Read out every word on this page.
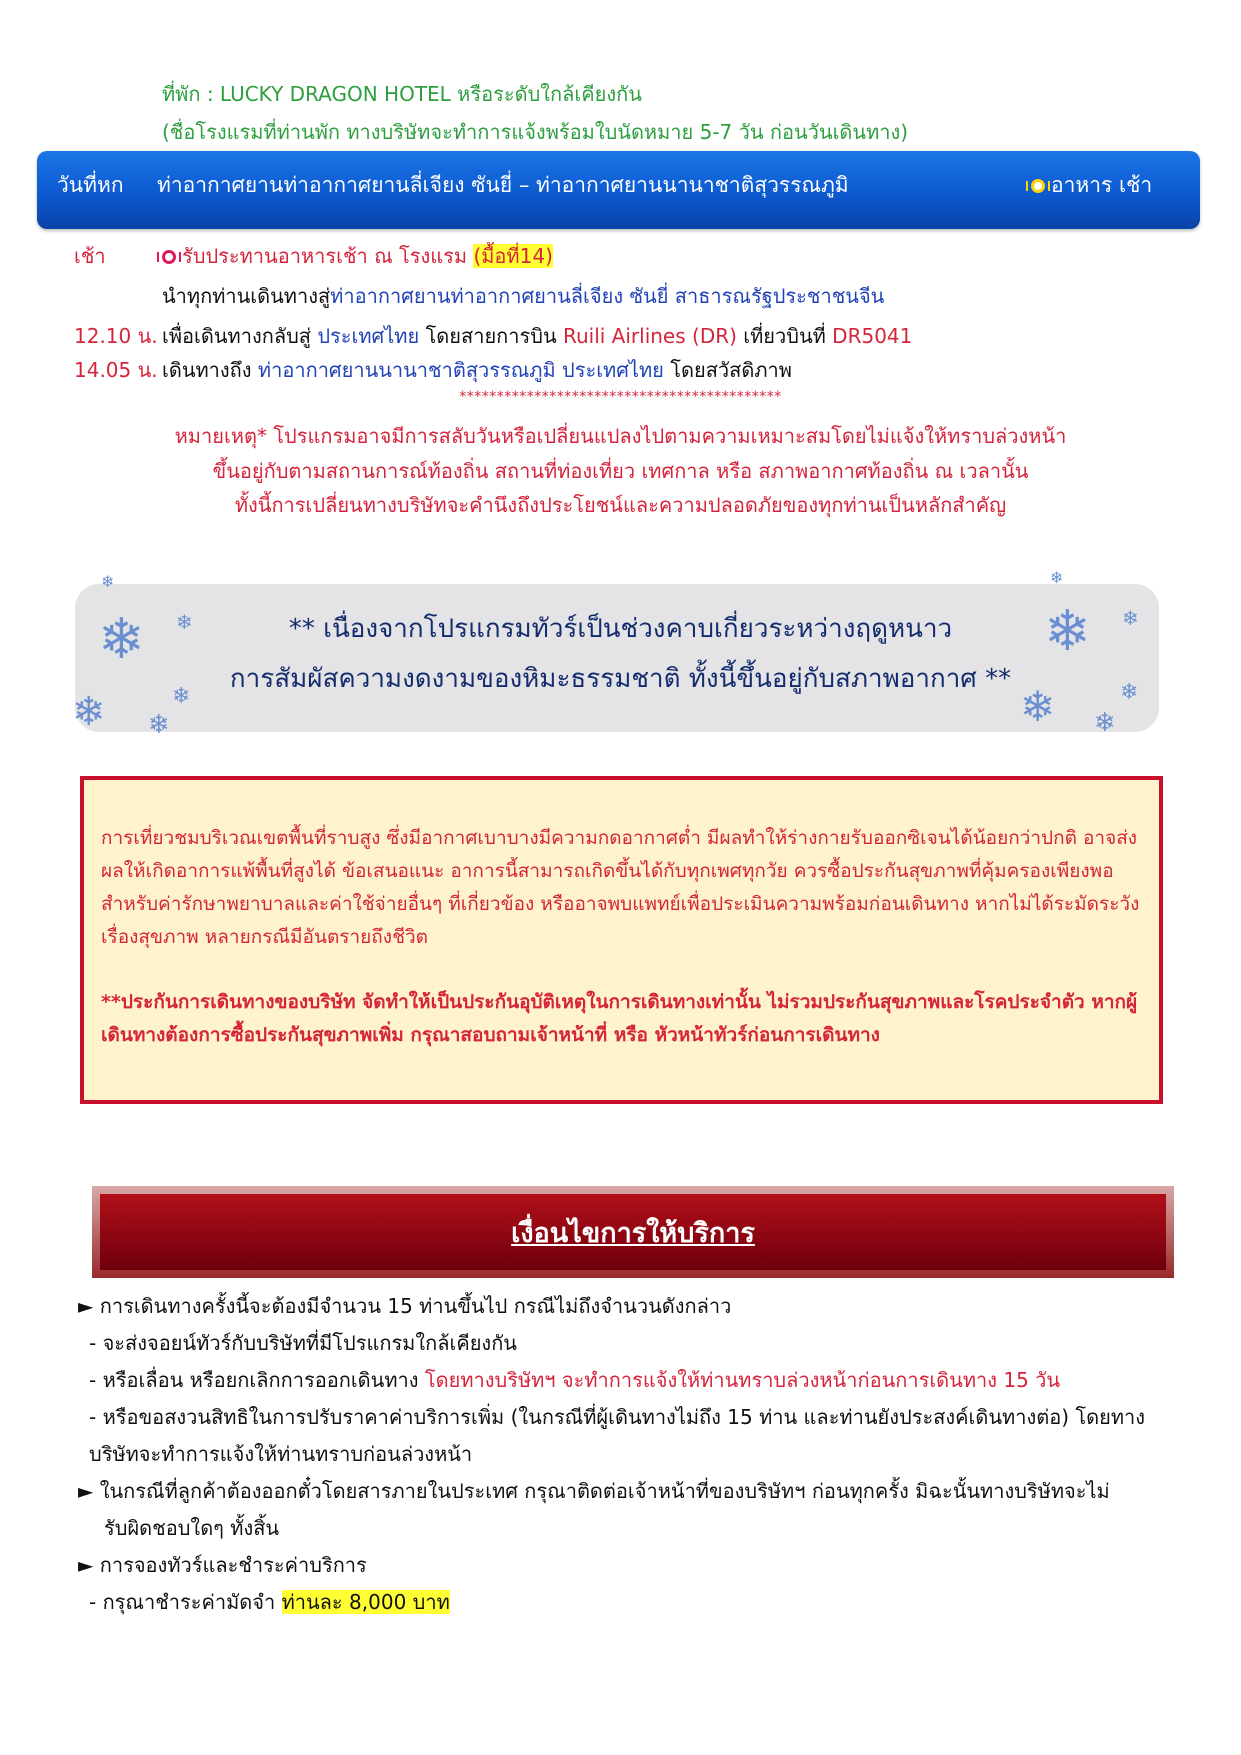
ที่พัก : LUCKY DRAGON HOTEL หรือระดับใกล้เคียงกัน
(ชื่อโรงแรมที่ท่านพัก ทางบริษัทจะทำการแจ้งพร้อมใบนัดหมาย 5-7 วัน ก่อนวันเดินทาง)
วันที่หก ท่าอากาศยานท่าอากาศยานลี่เจียง ซันยี่ – ท่าอากาศยานนานาชาติสุวรรณภูมิ	อาหาร เช้า
เช้า	รับประทานอาหารเช้า ณ โรงแรม (มื้อที่14)
นำทุกท่านเดินทางสู่ท่าอากาศยานท่าอากาศยานลี่เจียง ซันยี่ สาธารณรัฐประชาชนจีน
12.10 น. เพื่อเดินทางกลับสู่ ประเทศไทย โดยสายการบิน Ruili Airlines (DR) เที่ยวบินที่ DR5041
14.05 น. เดินทางถึง ท่าอากาศยานนานาชาติสุวรรณภูมิ ประเทศไทย โดยสวัสดิภาพ
*******************************************
หมายเหตุ* โปรแกรมอาจมีการสลับวันหรือเปลี่ยนแปลงไปตามความเหมาะสมโดยไม่แจ้งให้ทราบล่วงหน้า
ขึ้นอยู่กับตามสถานการณ์ท้องถิ่น สถานที่ท่องเที่ยว เทศกาล หรือ สภาพอากาศท้องถิ่น ณ เวลานั้น
ทั้งนี้การเปลี่ยนทางบริษัทจะคำนึงถึงประโยชน์และความปลอดภัยของทุกท่านเป็นหลักสำคัญ
❄
❄ ❄
❄	❄
❄
❄
❄ ❄
❄	❄
❄
** เนื่องจากโปรแกรมทัวร์เป็นช่วงคาบเกี่ยวระหว่างฤดูหนาว
การสัมผัสความงดงามของหิมะธรรมชาติ ทั้งนี้ขึ้นอยู่กับสภาพอากาศ **
การเที่ยวชมบริเวณเขตพื้นที่ราบสูง ซึ่งมีอากาศเบาบางมีความกดอากาศต่ำ มีผลทำให้ร่างกายรับออกซิเจนได้น้อยกว่าปกติ อาจส่งผลให้เกิดอาการแพ้พื้นที่สูงได้ ข้อเสนอแนะ อาการนี้สามารถเกิดขึ้นได้กับทุกเพศทุกวัย ควรซื้อประกันสุขภาพที่คุ้มครองเพียงพอสำหรับค่ารักษาพยาบาลและค่าใช้จ่ายอื่นๆ ที่เกี่ยวข้อง หรืออาจพบแพทย์เพื่อประเมินความพร้อมก่อนเดินทาง หากไม่ได้ระมัดระวังเรื่องสุขภาพ หลายกรณีมีอันตรายถึงชีวิต
**ประกันการเดินทางของบริษัท จัดทำให้เป็นประกันอุบัติเหตุในการเดินทางเท่านั้น ไม่รวมประกันสุขภาพและโรคประจำตัว หากผู้เดินทางต้องการซื้อประกันสุขภาพเพิ่ม กรุณาสอบถามเจ้าหน้าที่ หรือ หัวหน้าทัวร์ก่อนการเดินทาง
เงื่อนไขการให้บริการ
► การเดินทางครั้งนี้จะต้องมีจำนวน 15 ท่านขึ้นไป กรณีไม่ถึงจำนวนดังกล่าว
- จะส่งจอยน์ทัวร์กับบริษัทที่มีโปรแกรมใกล้เคียงกัน
- หรือเลื่อน หรือยกเลิกการออกเดินทาง โดยทางบริษัทฯ จะทำการแจ้งให้ท่านทราบล่วงหน้าก่อนการเดินทาง 15 วัน
- หรือขอสงวนสิทธิในการปรับราคาค่าบริการเพิ่ม (ในกรณีที่ผู้เดินทางไม่ถึง 15 ท่าน และท่านยังประสงค์เดินทางต่อ) โดยทาง
บริษัทจะทำการแจ้งให้ท่านทราบก่อนล่วงหน้า
► ในกรณีที่ลูกค้าต้องออกตั๋วโดยสารภายในประเทศ กรุณาติดต่อเจ้าหน้าที่ของบริษัทฯ ก่อนทุกครั้ง มิฉะนั้นทางบริษัทจะไม่
รับผิดชอบใดๆ ทั้งสิ้น
► การจองทัวร์และชำระค่าบริการ
- กรุณาชำระค่ามัดจำ ท่านละ 8,000 บาท
